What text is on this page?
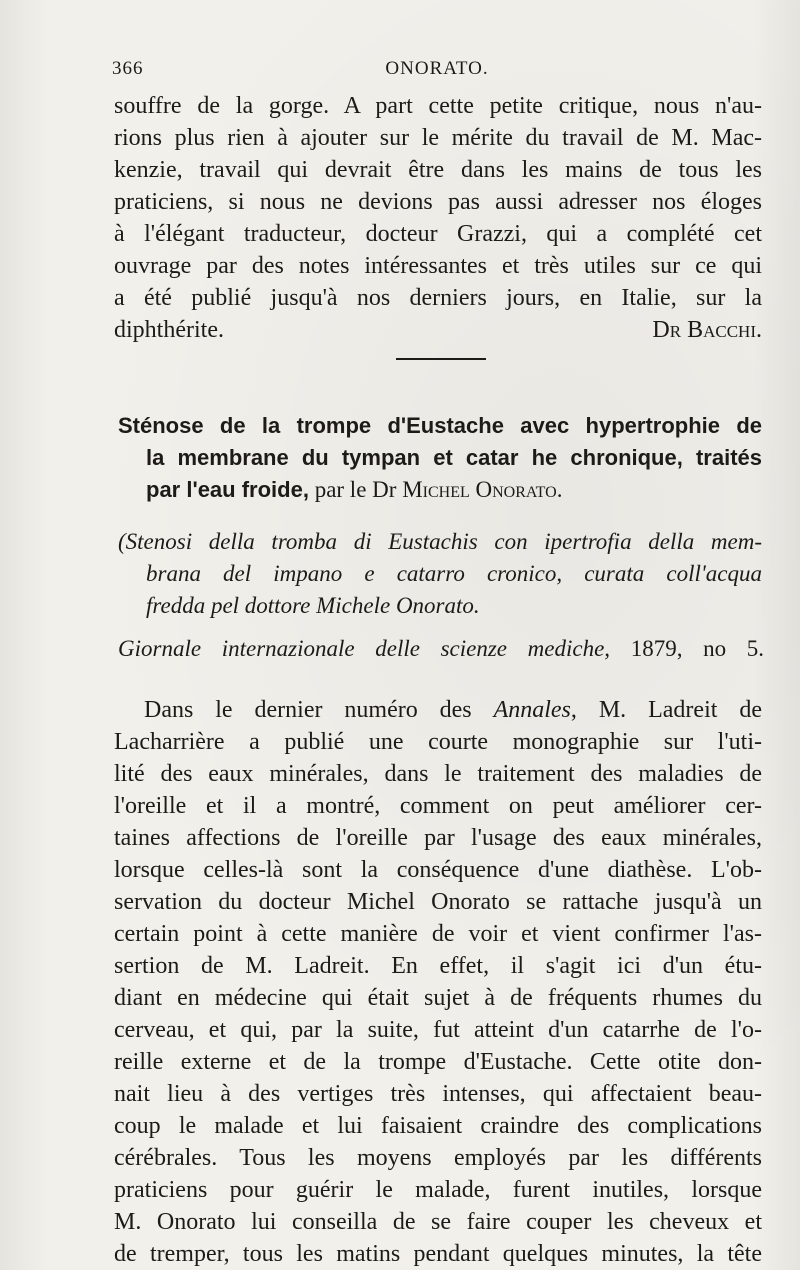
366	ONORATO.
souffre de la gorge. A part cette petite critique, nous n'au-
rions plus rien à ajouter sur le mérite du travail de M. Mac-
kenzie, travail qui devrait être dans les mains de tous les
praticiens, si nous ne devions pas aussi adresser nos éloges
à l'élégant traducteur, docteur Grazzi, qui a complété cet
ouvrage par des notes intéressantes et très utiles sur ce qui
a été publié jusqu'à nos derniers jours, en Italie, sur la
diphthérite.	Dr Bacchi.
Sténose de la trompe d'Eustache avec hypertrophie de
la membrane du tympan et catar he chronique, traités
par l'eau froide, par le Dr Michel Onorato.
(Stenosi della tromba di Eustachis con ipertrofia della mem-
brana del impano e catarro cronico, curata coll'acqua
fredda pel dottore Michele Onorato.
Giornale internazionale delle scienze mediche, 1879, no 5.
Dans le dernier numéro des Annales, M. Ladreit de
Lacharrière a publié une courte monographie sur l'uti-
lité des eaux minérales, dans le traitement des maladies de
l'oreille et il a montré, comment on peut améliorer cer-
taines affections de l'oreille par l'usage des eaux minérales,
lorsque celles-là sont la conséquence d'une diathèse. L'ob-
servation du docteur Michel Onorato se rattache jusqu'à un
certain point à cette manière de voir et vient confirmer l'as-
sertion de M. Ladreit. En effet, il s'agit ici d'un étu-
diant en médecine qui était sujet à de fréquents rhumes du
cerveau, et qui, par la suite, fut atteint d'un catarrhe de l'o-
reille externe et de la trompe d'Eustache. Cette otite don-
nait lieu à des vertiges très intenses, qui affectaient beau-
coup le malade et lui faisaient craindre des complications
cérébrales. Tous les moyens employés par les différents
praticiens pour guérir le malade, furent inutiles, lorsque
M. Onorato lui conseilla de se faire couper les cheveux et
de tremper, tous les matins pendant quelques minutes, la tête
